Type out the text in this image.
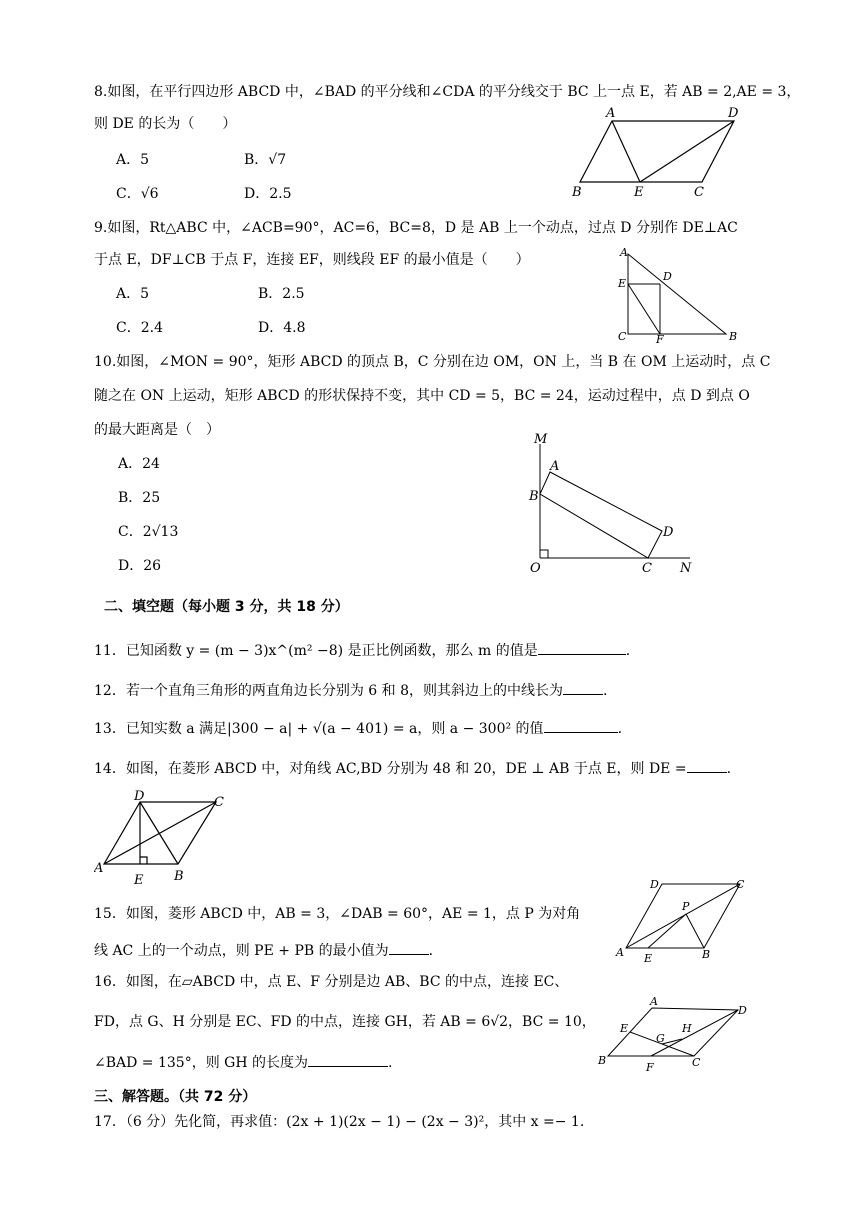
8.如图，在平行四边形 ABCD 中，∠BAD 的平分线和∠CDA 的平分线交于 BC 上一点 E，若 AB = 2,AE = 3，
则 DE 的长为（　　）
A．5	B．√7
C．√6	D．2.5
A	D
B	E	C
9.如图，Rt△ABC 中，∠ACB=90°，AC=6，BC=8，D 是 AB 上一个动点，过点 D 分别作 DE⊥AC
于点 E，DF⊥CB 于点 F，连接 EF，则线段 EF 的最小值是（　　）
A．5	B．2.5
C．2.4	D．4.8
A
D
E
C	F	B
10.如图，∠MON = 90°，矩形 ABCD 的顶点 B，C 分别在边 OM，ON 上，当 B 在 OM 上运动时，点 C
随之在 ON 上运动，矩形 ABCD 的形状保持不变，其中 CD = 5，BC = 24，运动过程中，点 D 到点 O
的最大距离是（　）
A．24
B．25
C．2√13
D．26
M
A
B
D
O	C N
二、填空题（每小题 3 分，共 18 分）
11．已知函数 y = (m − 3)x^(m² −8) 是正比例函数，那么 m 的值是	.
12．若一个直角三角形的两直角边长分别为 6 和 8，则其斜边上的中线长为	.
13．已知实数 a 满足|300 − a| + √(a − 401) = a，则 a − 300² 的值	.
14．如图，在菱形 ABCD 中，对角线 AC,BD 分别为 48 和 20，DE ⊥ AB 于点 E，则 DE =	.
D	C
A
E B
15．如图，菱形 ABCD 中，AB = 3，∠DAB = 60°，AE = 1，点 P 为对角
线 AC 上的一个动点，则 PE + PB 的最小值为	.
D	C
P
A E	B
16．如图，在▱ABCD 中，点 E、F 分别是边 AB、BC 的中点，连接 EC、
FD，点 G、H 分别是 EC、FD 的中点，连接 GH，若 AB = 6√2，BC = 10，
∠BAD = 135°，则 GH 的长度为	.
A
D
E	H
G
B
F	C
三、解答题。（共 72 分）
17．（6 分）先化简，再求值：(2x + 1)(2x − 1) − (2x − 3)²，其中 x =− 1.
